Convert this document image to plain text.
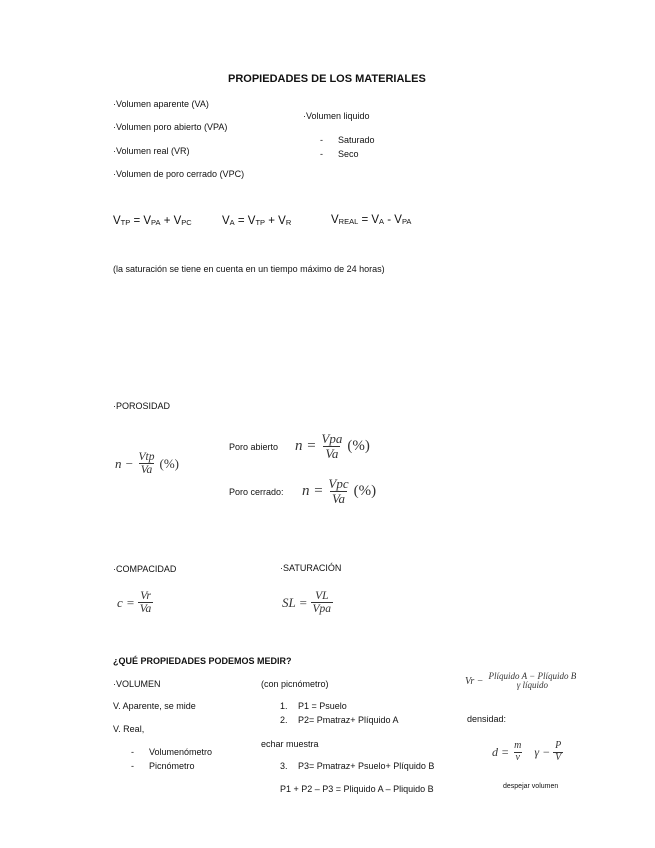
PROPIEDADES DE LOS MATERIALES
·Volumen aparente (VA)
·Volumen poro abierto (VPA)
·Volumen real (VR)
·Volumen de poro cerrado (VPC)
·Volumen liquido
- Saturado
- Seco
$V_{TP} = V_{PA} + V_{PC}$	$V_A = V_{TP} + V_R$	$V_{REAL} = V_A - V_{PA}$
(la saturación se tiene en cuenta en un tiempo máximo de 24 horas)
·POROSIDAD
$n - \frac{\text{Vtp}}{Va}$ (%)
Poro abierto $n = \frac{\text{Vpa}}{Va}$ (%)
Poro cerrado: $n = \frac{\text{Vpc}}{Va}$ (%)
·COMPACIDAD
$c = \frac{Vr}{Va}$
·SATURACIÓN
SL = $\frac{VL}{\text{Vpa}}$
¿QUÉ PROPIEDADES PODEMOS MEDIR?
·VOLUMEN
V. Aparente, se mide
V. Real,
- Volumenómetro
- Picnómetro
(con picnómetro)
1. P1 = Psuelo
2. P2= Pmatraz+ Plíquido A
echar muestra
3. P3= Pmatraz+ Psuelo+ Plíquido B
P1 + P2 – P3 = Pliquido A – Pliquido B
Vr − Plíquido A − Plíquido B
γ líquido
densidad:
$d = \frac{m}{v}$ $\gamma - \frac{P}{V}$
despejar volumen
